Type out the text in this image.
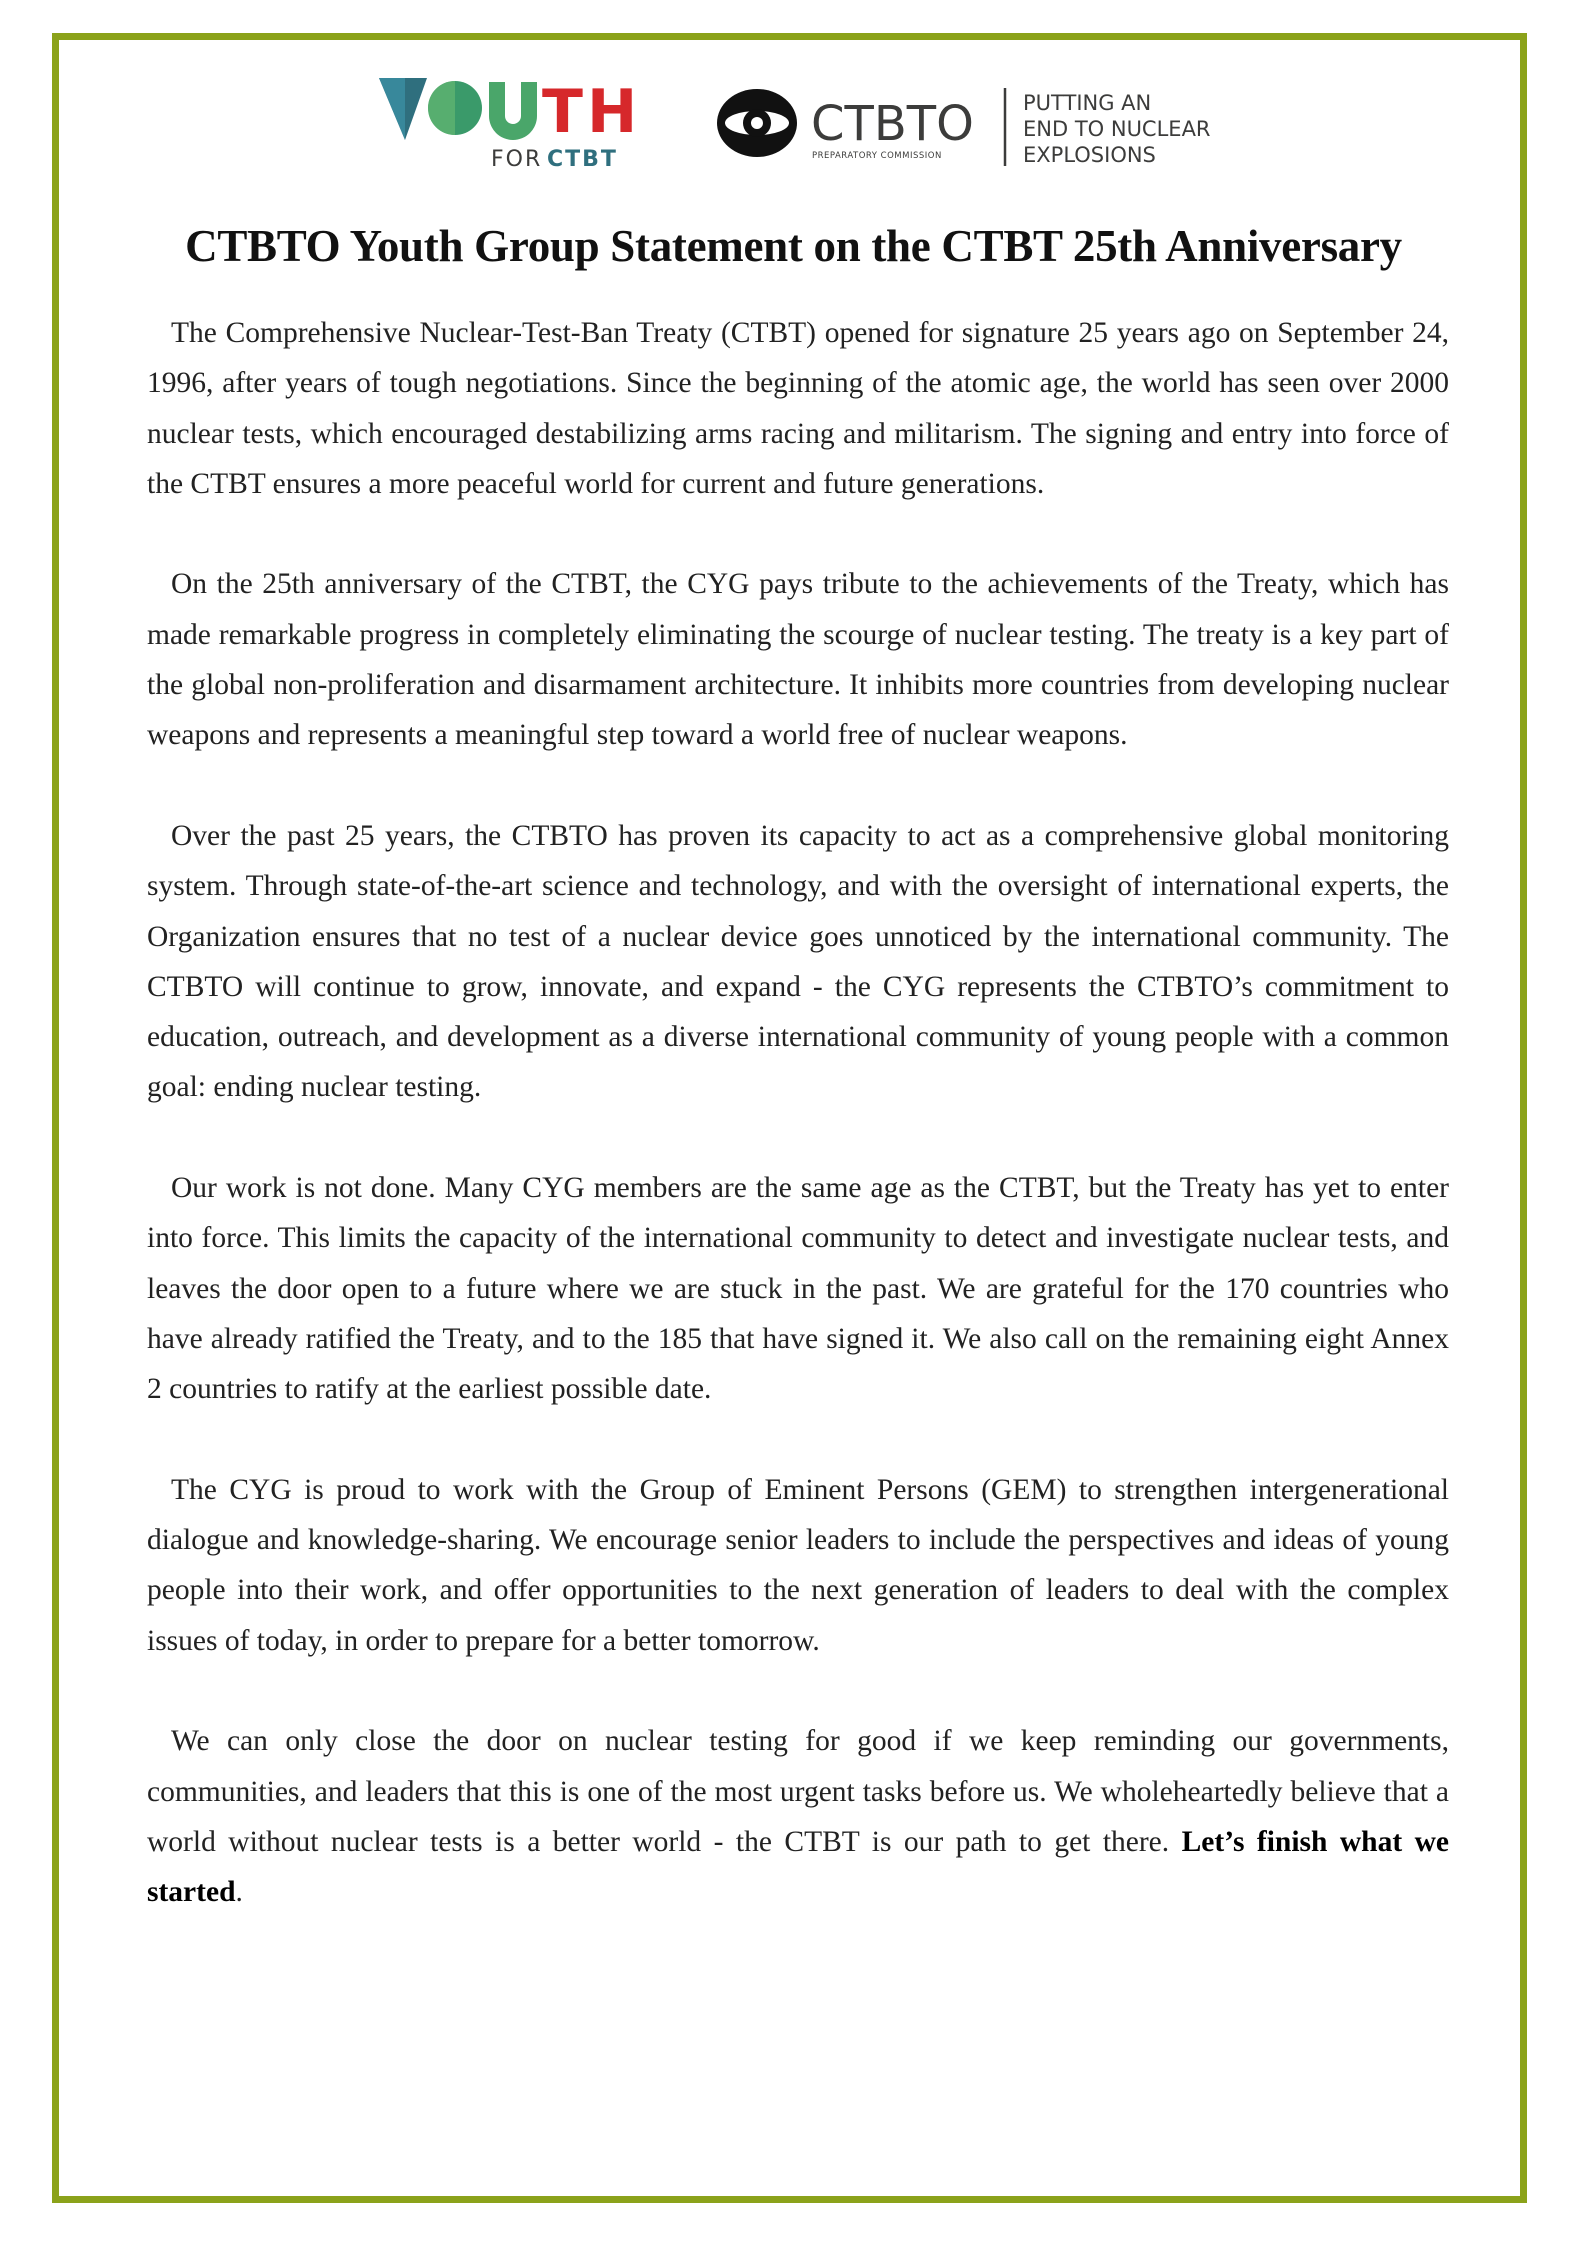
T H
FOR CTBT
CTBTO
PREPARATORY COMMISSION
PUTTING AN
END TO NUCLEAR
EXPLOSIONS
CTBTO Youth Group Statement on the CTBT 25th Anniversary

The Comprehensive Nuclear-Test-Ban Treaty (CTBT) opened for signature 25 years ago on September 24, 1996, after years of tough negotiations. Since the beginning of the atomic age, the world has seen over 2000 nuclear tests, which encouraged destabilizing arms racing and militarism. The signing and entry into force of the CTBT ensures a more peaceful world for current and future generations.

On the 25th anniversary of the CTBT, the CYG pays tribute to the achievements of the Treaty, which has made remarkable progress in completely eliminating the scourge of nuclear testing. The treaty is a key part of the global non-proliferation and disarmament architecture. It inhibits more countries from developing nuclear weapons and represents a meaningful step toward a world free of nuclear weapons.

Over the past 25 years, the CTBTO has proven its capacity to act as a comprehensive global monitoring system. Through state-of-the-art science and technology, and with the oversight of international experts, the Organization ensures that no test of a nuclear device goes unnoticed by the international community. The CTBTO will continue to grow, innovate, and expand - the CYG represents the CTBTO’s commitment to education, outreach, and development as a diverse international community of young people with a common goal: ending nuclear testing.

Our work is not done. Many CYG members are the same age as the CTBT, but the Treaty has yet to enter into force. This limits the capacity of the international community to detect and investigate nuclear tests, and leaves the door open to a future where we are stuck in the past. We are grateful for the 170 countries who have already ratified the Treaty, and to the 185 that have signed it. We also call on the remaining eight Annex 2 countries to ratify at the earliest possible date.

The CYG is proud to work with the Group of Eminent Persons (GEM) to strengthen intergenerational dialogue and knowledge-sharing. We encourage senior leaders to include the perspectives and ideas of young people into their work, and offer opportunities to the next generation of leaders to deal with the complex issues of today, in order to prepare for a better tomorrow.

We can only close the door on nuclear testing for good if we keep reminding our governments, communities, and leaders that this is one of the most urgent tasks before us. We wholeheartedly believe that a world without nuclear tests is a better world - the CTBT is our path to get there. Let’s finish what we started.
